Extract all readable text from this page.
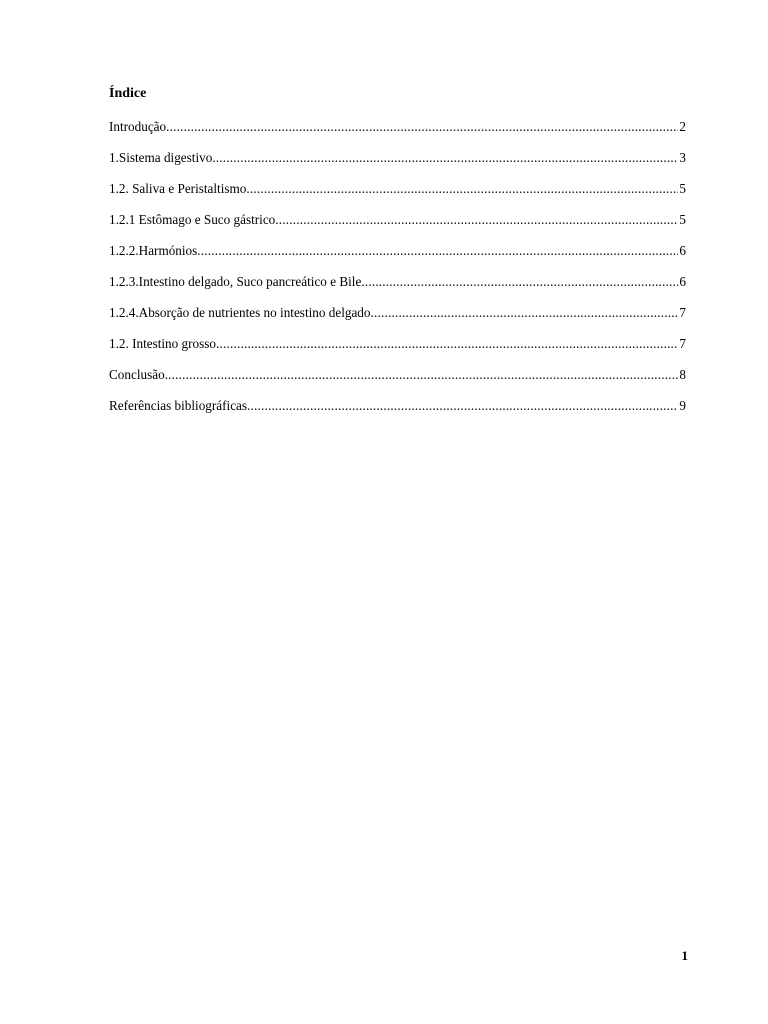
Índice
Introdução .....	2
1.Sistema digestivo .....	3
1.2. Saliva e Peristaltismo .....	5
1.2.1 Estômago e Suco gástrico .....	5
1.2.2.Harmónios .....	6
1.2.3.Intestino delgado, Suco pancreático e Bile .....	6
1.2.4.Absorção de nutrientes no intestino delgado .....	7
1.2. Intestino grosso .....	7
Conclusão .....	8
Referências bibliográficas .....	9
1
